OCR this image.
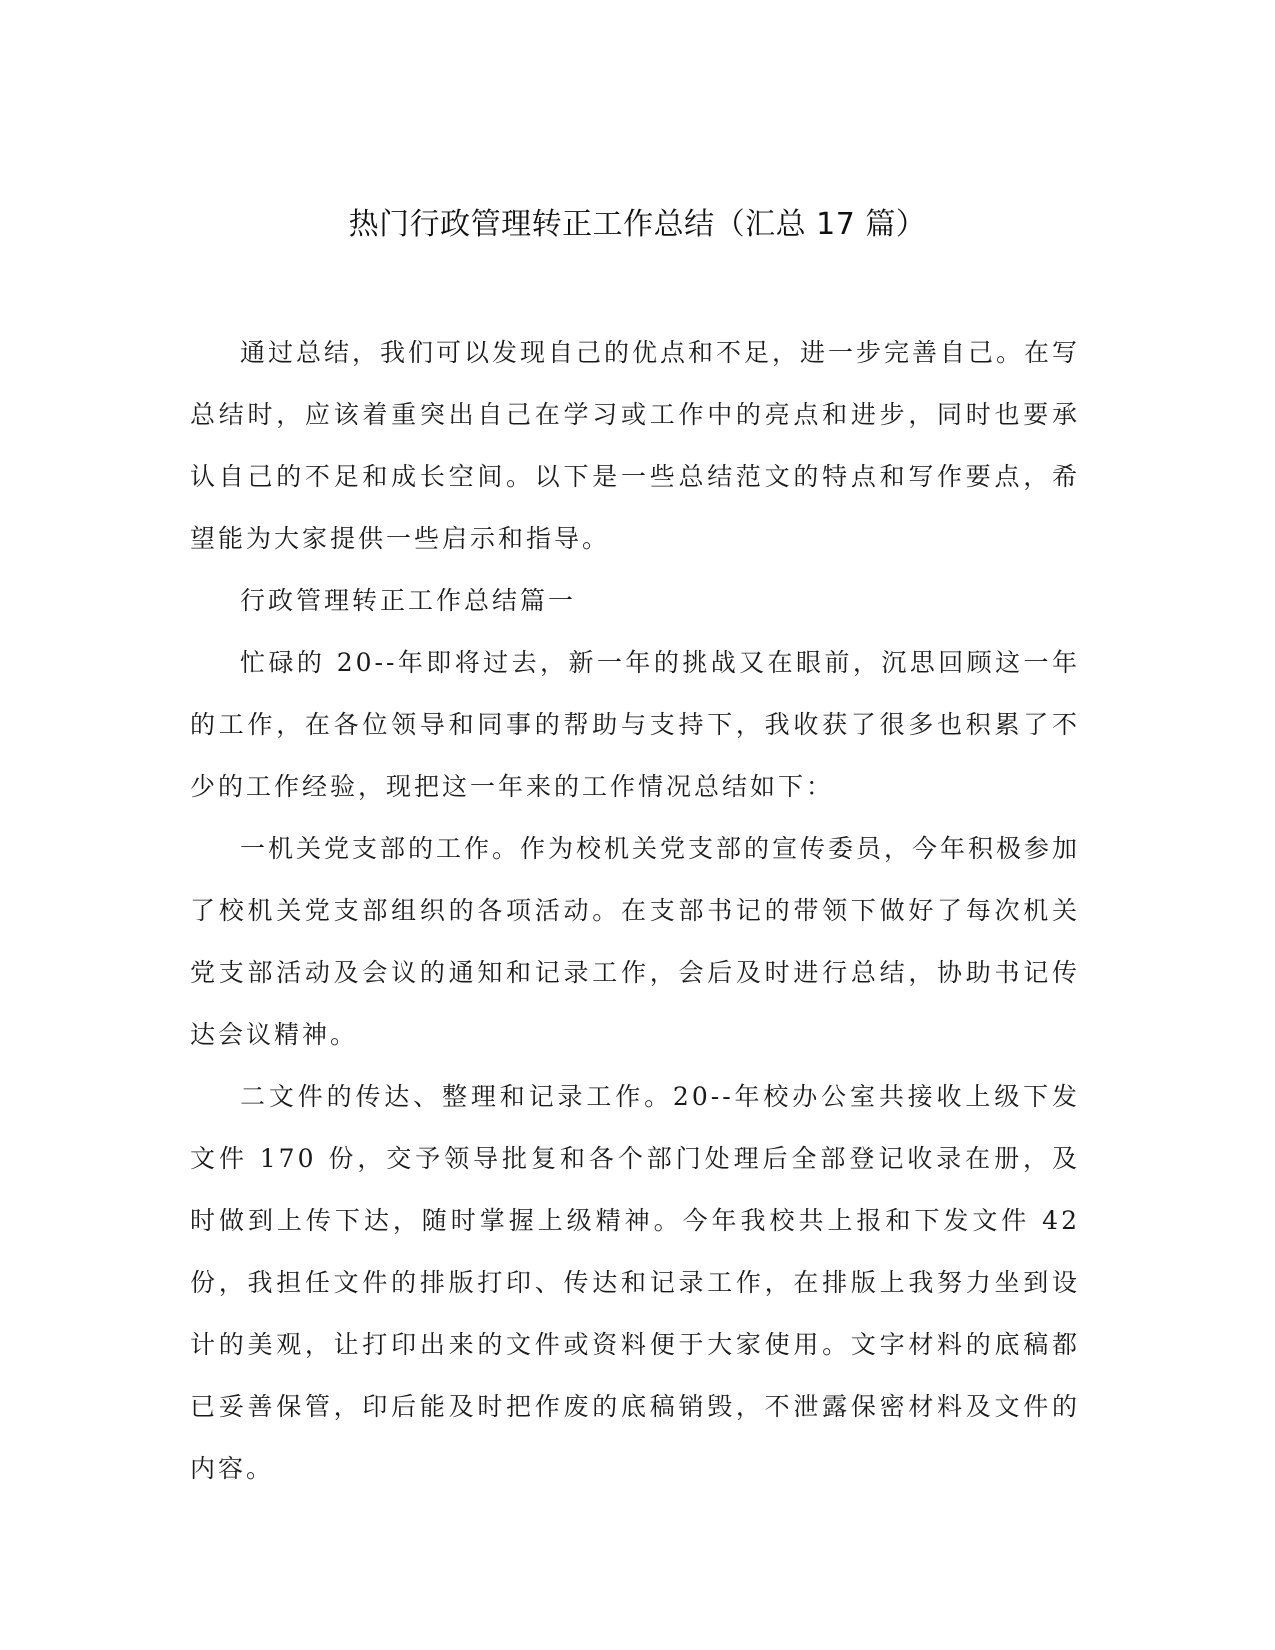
热门行政管理转正工作总结（汇总 17 篇）

通过总结，我们可以发现自己的优点和不足，进一步完善自己。在写总结时，应该着重突出自己在学习或工作中的亮点和进步，同时也要承认自己的不足和成长空间。以下是一些总结范文的特点和写作要点，希望能为大家提供一些启示和指导。

行政管理转正工作总结篇一

忙碌的 20--年即将过去，新一年的挑战又在眼前，沉思回顾这一年的工作，在各位领导和同事的帮助与支持下，我收获了很多也积累了不少的工作经验，现把这一年来的工作情况总结如下：

一机关党支部的工作。作为校机关党支部的宣传委员，今年积极参加了校机关党支部组织的各项活动。在支部书记的带领下做好了每次机关党支部活动及会议的通知和记录工作，会后及时进行总结，协助书记传达会议精神。

二文件的传达、整理和记录工作。20--年校办公室共接收上级下发文件 170 份，交予领导批复和各个部门处理后全部登记收录在册，及时做到上传下达，随时掌握上级精神。今年我校共上报和下发文件 42 份，我担任文件的排版打印、传达和记录工作，在排版上我努力坐到设计的美观，让打印出来的文件或资料便于大家使用。文字材料的底稿都已妥善保管，印后能及时把作废的底稿销毁，不泄露保密材料及文件的内容。
